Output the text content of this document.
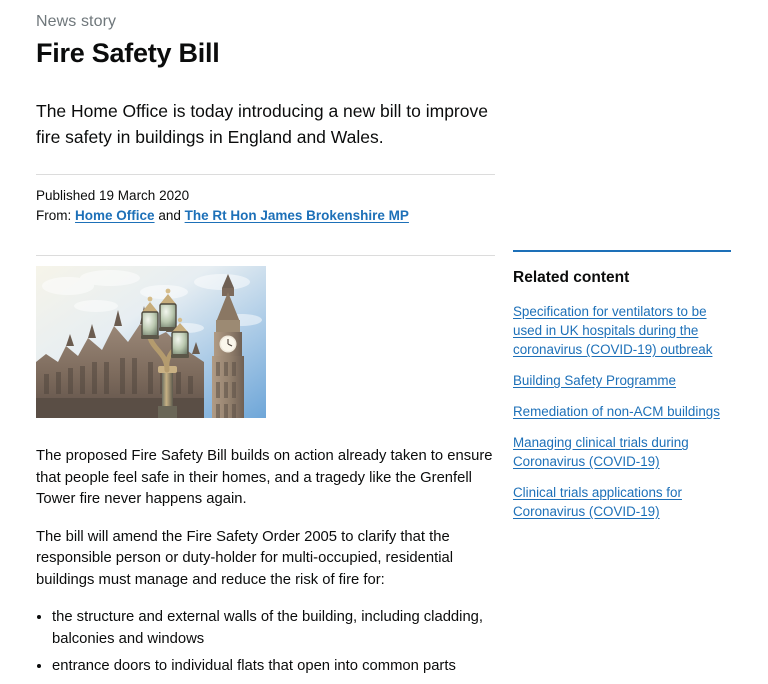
News story
Fire Safety Bill
The Home Office is today introducing a new bill to improve fire safety in buildings in England and Wales.
Published 19 March 2020
From: Home Office and The Rt Hon James Brokenshire MP

The proposed Fire Safety Bill builds on action already taken to ensure that people feel safe in their homes, and a tragedy like the Grenfell Tower fire never happens again.

The bill will amend the Fire Safety Order 2005 to clarify that the responsible person or duty-holder for multi-occupied, residential buildings must manage and reduce the risk of fire for:

• the structure and external walls of the building, including cladding, balconies and windows
• entrance doors to individual flats that open into common parts
Related content
Specification for ventilators to be used in UK hospitals during the coronavirus (COVID-19) outbreak
Building Safety Programme
Remediation of non-ACM buildings
Managing clinical trials during Coronavirus (COVID-19)
Clinical trials applications for Coronavirus (COVID-19)
